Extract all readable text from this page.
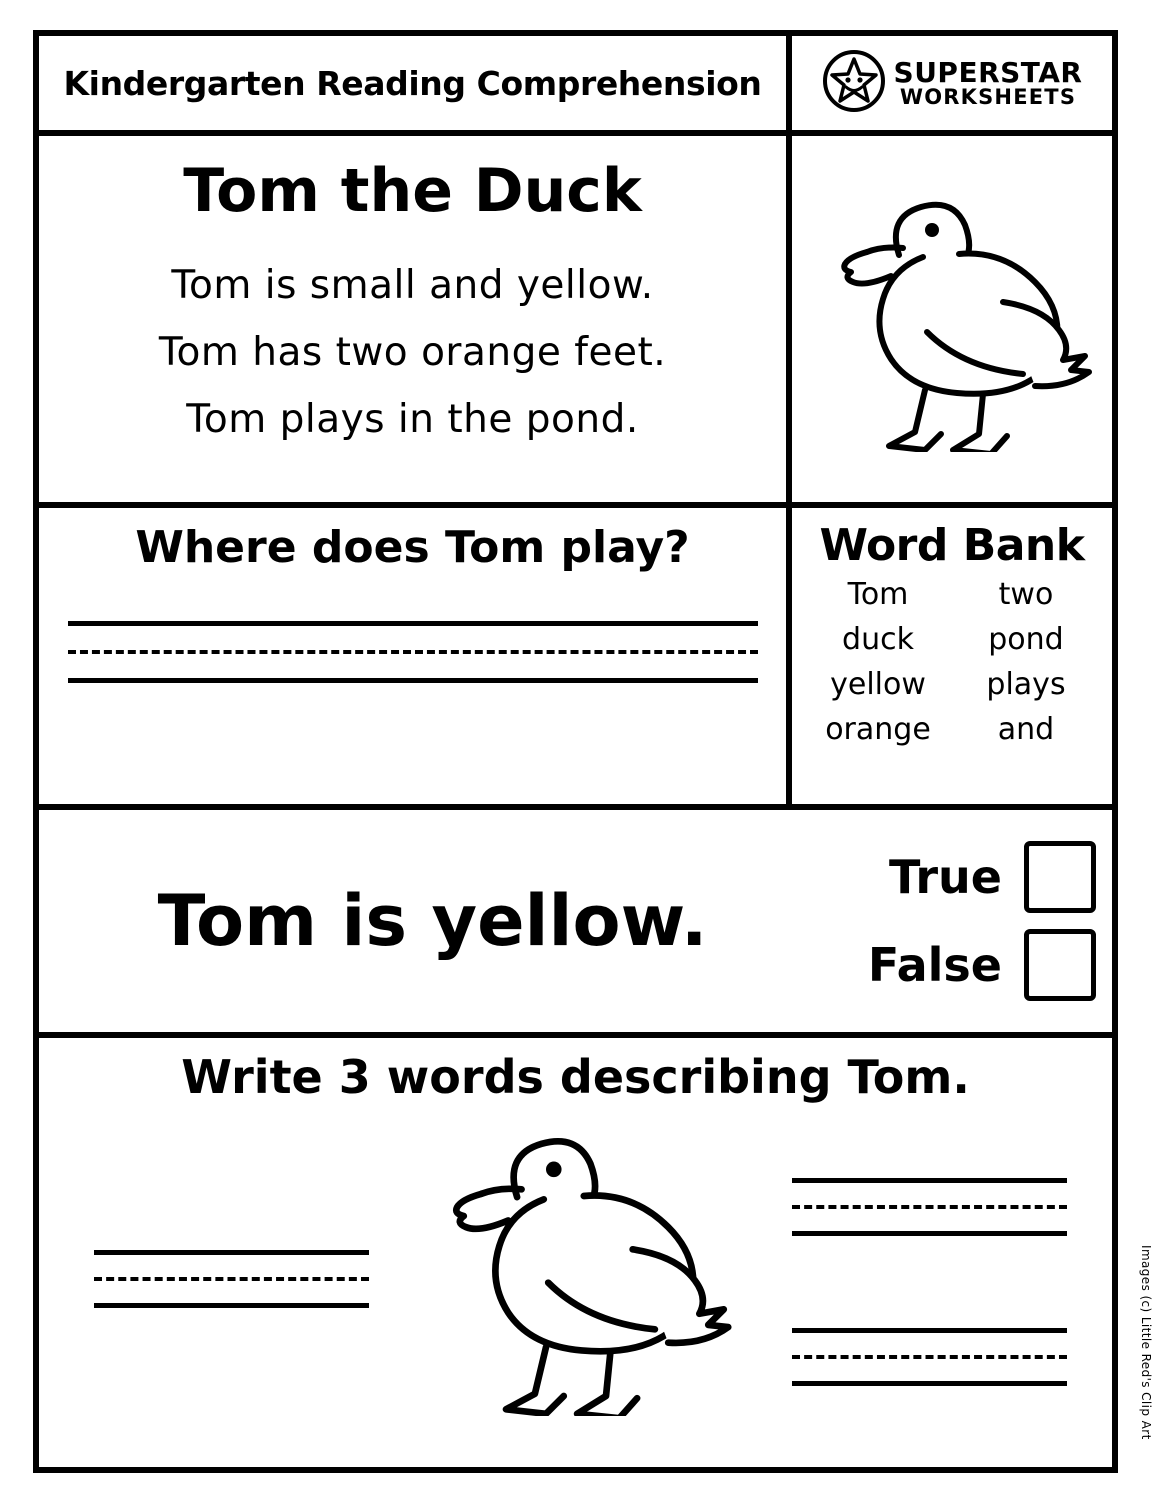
Kindergarten Reading Comprehension	SUPERSTAR
WORKSHEETS
Tom the Duck
Tom is small and yellow.
Tom has two orange feet.
Tom plays in the pond.
Where does Tom play?	Word Bank
Tom	two
duck	pond
yellow	plays
orange	and
Tom is yellow.
True
False
Write 3 words describing Tom.
Images (c) Little Red's Clip Art
